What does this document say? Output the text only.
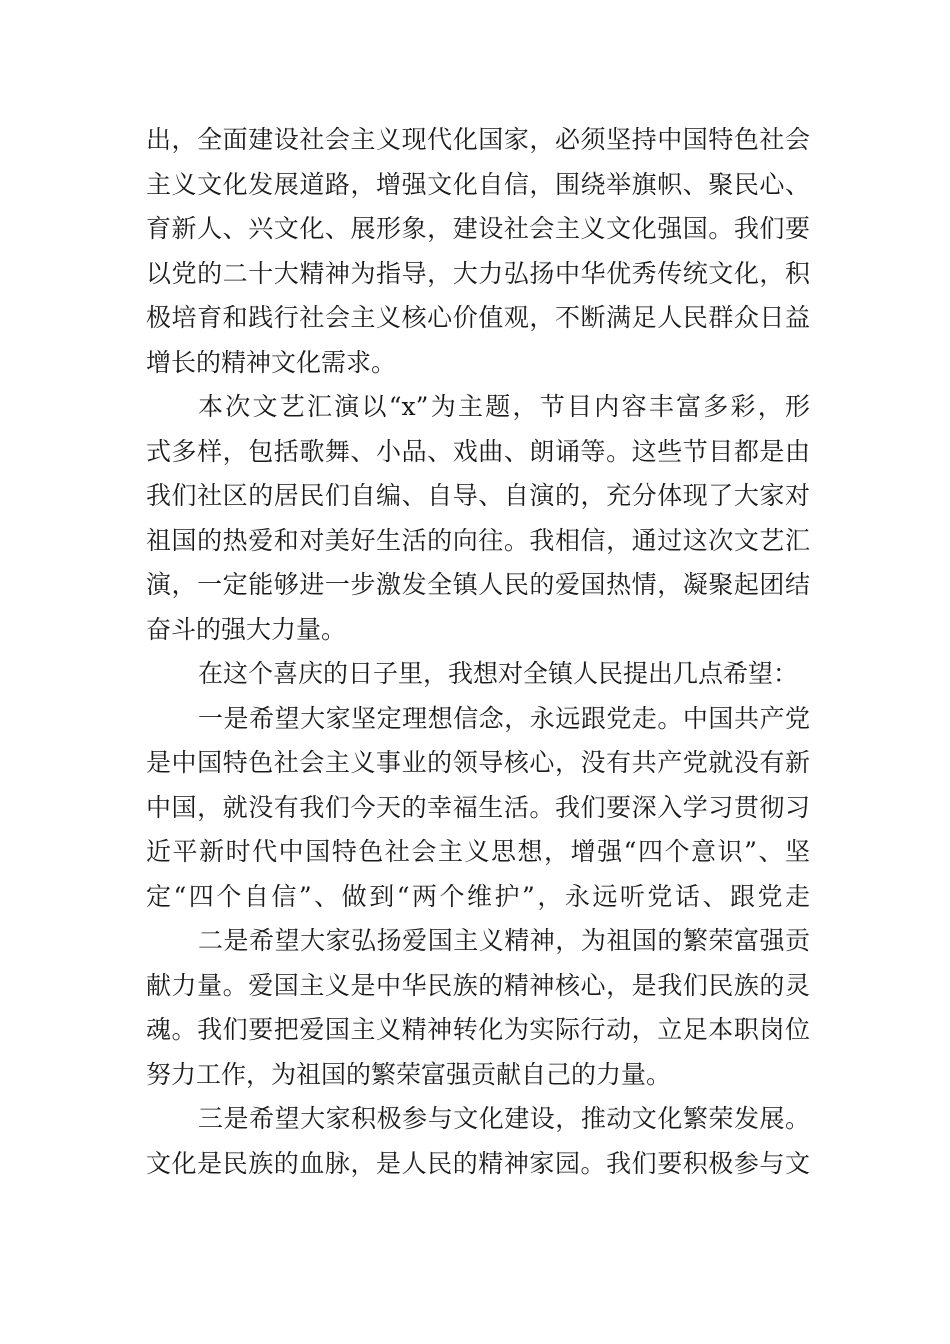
出，全面建设社会主义现代化国家，必须坚持中国特色社会
主义文化发展道路，增强文化自信，围绕举旗帜、聚民心、
育新人、兴文化、展形象，建设社会主义文化强国。我们要
以党的二十大精神为指导，大力弘扬中华优秀传统文化，积
极培育和践行社会主义核心价值观，不断满足人民群众日益
增长的精神文化需求。
本次文艺汇演以“x”为主题，节目内容丰富多彩，形
式多样，包括歌舞、小品、戏曲、朗诵等。这些节目都是由
我们社区的居民们自编、自导、自演的，充分体现了大家对
祖国的热爱和对美好生活的向往。我相信，通过这次文艺汇
演，一定能够进一步激发全镇人民的爱国热情，凝聚起团结
奋斗的强大力量。
在这个喜庆的日子里，我想对全镇人民提出几点希望：
一是希望大家坚定理想信念，永远跟党走。中国共产党
是中国特色社会主义事业的领导核心，没有共产党就没有新
中国，就没有我们今天的幸福生活。我们要深入学习贯彻习
近平新时代中国特色社会主义思想，增强“四个意识”、坚
定“四个自信”、做到“两个维护”，永远听党话、跟党走
二是希望大家弘扬爱国主义精神，为祖国的繁荣富强贡
献力量。爱国主义是中华民族的精神核心，是我们民族的灵
魂。我们要把爱国主义精神转化为实际行动，立足本职岗位
努力工作，为祖国的繁荣富强贡献自己的力量。
三是希望大家积极参与文化建设，推动文化繁荣发展。
文化是民族的血脉，是人民的精神家园。我们要积极参与文
